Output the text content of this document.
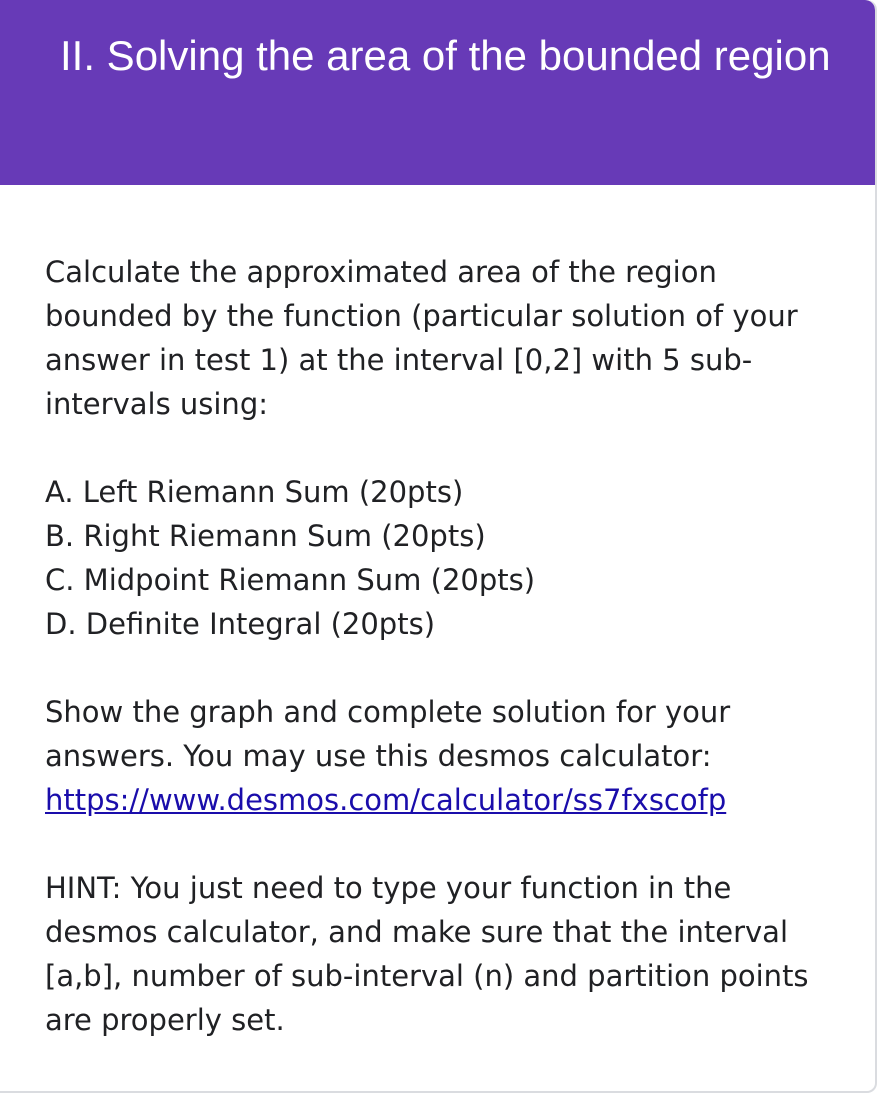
II. Solving the area of the bounded region

Calculate the approximated area of the region bounded by the function (particular solution of your answer in test 1) at the interval [0,2] with 5 sub-intervals using:

A. Left Riemann Sum (20pts)

B. Right Riemann Sum (20pts)

C. Midpoint Riemann Sum (20pts)

D. Definite Integral (20pts)

Show the graph and complete solution for your answers. You may use this desmos calculator:
https://www.desmos.com/calculator/ss7fxscofp

HINT: You just need to type your function in the desmos calculator, and make sure that the interval [a,b], number of sub-interval (n) and partition points are properly set.
